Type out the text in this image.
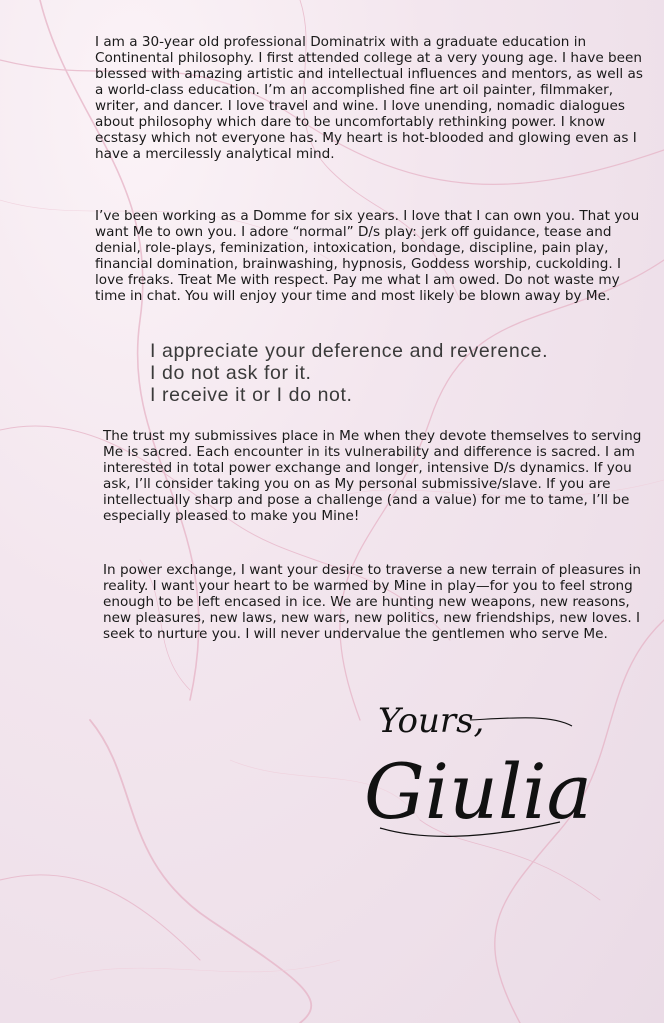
I am a 30-year old professional Dominatrix with a graduate education in Continental philosophy. I first attended college at a very young age. I have been blessed with amazing artistic and intellectual influences and mentors, as well as a world-class education. I’m an accomplished fine art oil painter, filmmaker, writer, and dancer. I love travel and wine. I love unending, nomadic dialogues about philosophy which dare to be uncomfortably rethinking power. I know ecstasy which not everyone has. My heart is hot-blooded and glowing even as I have a mercilessly analytical mind.

I’ve been working as a Domme for six years. I love that I can own you. That you want Me to own you. I adore “normal” D/s play: jerk off guidance, tease and denial, role-plays, feminization, intoxication, bondage, discipline, pain play, financial domination, brainwashing, hypnosis, Goddess worship, cuckolding. I love freaks. Treat Me with respect. Pay me what I am owed. Do not waste my time in chat. You will enjoy your time and most likely be blown away by Me.

I appreciate your deference and reverence.
I do not ask for it.
I receive it or I do not.

The trust my submissives place in Me when they devote themselves to serving Me is sacred. Each encounter in its vulnerability and difference is sacred. I am interested in total power exchange and longer, intensive D/s dynamics. If you ask, I’ll consider taking you on as My personal submissive/slave. If you are intellectually sharp and pose a challenge (and a value) for me to tame, I’ll be especially pleased to make you Mine!

In power exchange, I want your desire to traverse a new terrain of pleasures in reality. I want your heart to be warmed by Mine in play—for you to feel strong enough to be left encased in ice. We are hunting new weapons, new reasons, new pleasures, new laws, new wars, new politics, new friendships, new loves. I seek to nurture you. I will never undervalue the gentlemen who serve Me.

Yours,
Giulia
